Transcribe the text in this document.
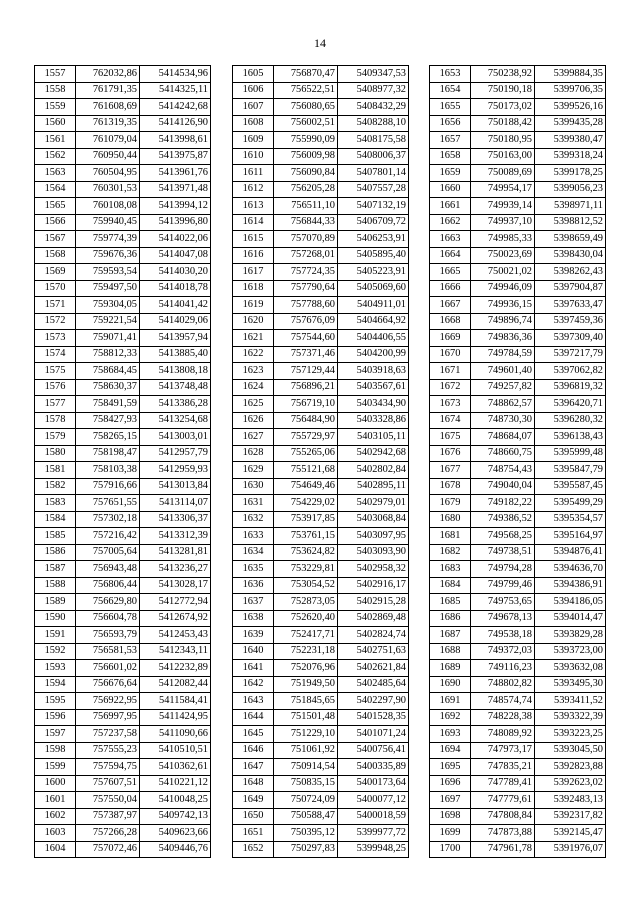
14
1557	762032,86	5414534,96
1558	761791,35	5414325,11
1559	761608,69	5414242,68
1560	761319,35	5414126,90
1561	761079,04	5413998,61
1562	760950,44	5413975,87
1563	760504,95	5413961,76
1564	760301,53	5413971,48
1565	760108,08	5413994,12
1566	759940,45	5413996,80
1567	759774,39	5414022,06
1568	759676,36	5414047,08
1569	759593,54	5414030,20
1570	759497,50	5414018,78
1571	759304,05	5414041,42
1572	759221,54	5414029,06
1573	759071,41	5413957,94
1574	758812,33	5413885,40
1575	758684,45	5413808,18
1576	758630,37	5413748,48
1577	758491,59	5413386,28
1578	758427,93	5413254,68
1579	758265,15	5413003,01
1580	758198,47	5412957,79
1581	758103,38	5412959,93
1582	757916,66	5413013,84
1583	757651,55	5413114,07
1584	757302,18	5413306,37
1585	757216,42	5413312,39
1586	757005,64	5413281,81
1587	756943,48	5413236,27
1588	756806,44	5413028,17
1589	756629,80	5412772,94
1590	756604,78	5412674,92
1591	756593,79	5412453,43
1592	756581,53	5412343,11
1593	756601,02	5412232,89
1594	756676,64	5412082,44
1595	756922,95	5411584,41
1596	756997,95	5411424,95
1597	757237,58	5411090,66
1598	757555,23	5410510,51
1599	757594,75	5410362,61
1600	757607,51	5410221,12
1601	757550,04	5410048,25
1602	757387,97	5409742,13
1603	757266,28	5409623,66
1604	757072,46	5409446,76
1605	756870,47	5409347,53
1606	756522,51	5408977,32
1607	756080,65	5408432,29
1608	756002,51	5408288,10
1609	755990,09	5408175,58
1610	756009,98	5408006,37
1611	756090,84	5407801,14
1612	756205,28	5407557,28
1613	756511,10	5407132,19
1614	756844,33	5406709,72
1615	757070,89	5406253,91
1616	757268,01	5405895,40
1617	757724,35	5405223,91
1618	757790,64	5405069,60
1619	757788,60	5404911,01
1620	757676,09	5404664,92
1621	757544,60	5404406,55
1622	757371,46	5404200,99
1623	757129,44	5403918,63
1624	756896,21	5403567,61
1625	756719,10	5403434,90
1626	756484,90	5403328,86
1627	755729,97	5403105,11
1628	755265,06	5402942,68
1629	755121,68	5402802,84
1630	754649,46	5402895,11
1631	754229,02	5402979,01
1632	753917,85	5403068,84
1633	753761,15	5403097,95
1634	753624,82	5403093,90
1635	753229,81	5402958,32
1636	753054,52	5402916,17
1637	752873,05	5402915,28
1638	752620,40	5402869,48
1639	752417,71	5402824,74
1640	752231,18	5402751,63
1641	752076,96	5402621,84
1642	751949,50	5402485,64
1643	751845,65	5402297,90
1644	751501,48	5401528,35
1645	751229,10	5401071,24
1646	751061,92	5400756,41
1647	750914,54	5400335,89
1648	750835,15	5400173,64
1649	750724,09	5400077,12
1650	750588,47	5400018,59
1651	750395,12	5399977,72
1652	750297,83	5399948,25
1653	750238,92	5399884,35
1654	750190,18	5399706,35
1655	750173,02	5399526,16
1656	750188,42	5399435,28
1657	750180,95	5399380,47
1658	750163,00	5399318,24
1659	750089,69	5399178,25
1660	749954,17	5399056,23
1661	749939,14	5398971,11
1662	749937,10	5398812,52
1663	749985,33	5398659,49
1664	750023,69	5398430,04
1665	750021,02	5398262,43
1666	749946,09	5397904,87
1667	749936,15	5397633,47
1668	749896,74	5397459,36
1669	749836,36	5397309,40
1670	749784,59	5397217,79
1671	749601,40	5397062,82
1672	749257,82	5396819,32
1673	748862,57	5396420,71
1674	748730,30	5396280,32
1675	748684,07	5396138,43
1676	748660,75	5395999,48
1677	748754,43	5395847,79
1678	749040,04	5395587,45
1679	749182,22	5395499,29
1680	749386,52	5395354,57
1681	749568,25	5395164,97
1682	749738,51	5394876,41
1683	749794,28	5394636,70
1684	749799,46	5394386,91
1685	749753,65	5394186,05
1686	749678,13	5394014,47
1687	749538,18	5393829,28
1688	749372,03	5393723,00
1689	749116,23	5393632,08
1690	748802,82	5393495,30
1691	748574,74	5393411,52
1692	748228,38	5393322,39
1693	748089,92	5393223,25
1694	747973,17	5393045,50
1695	747835,21	5392823,88
1696	747789,41	5392623,02
1697	747779,61	5392483,13
1698	747808,84	5392317,82
1699	747873,88	5392145,47
1700	747961,78	5391976,07
